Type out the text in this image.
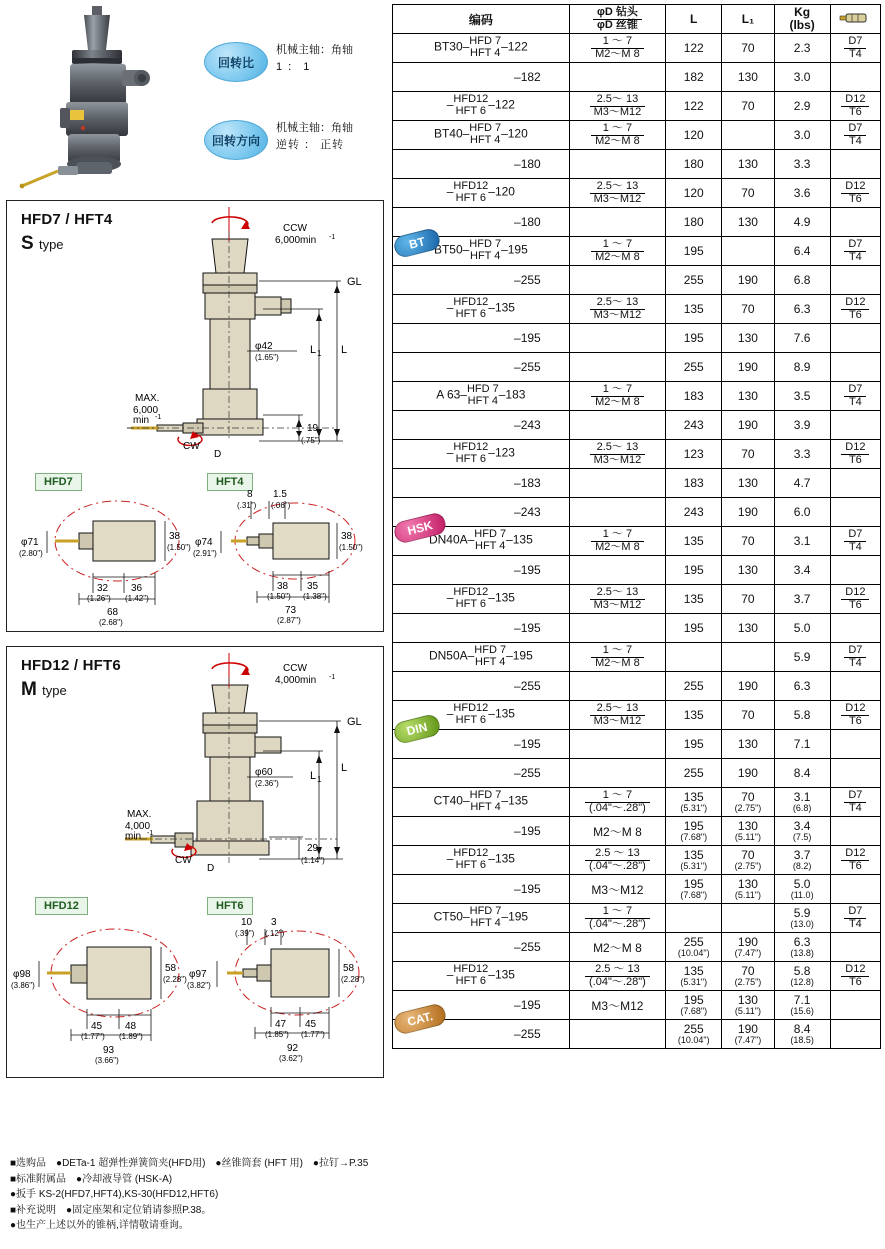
回转比
机械主轴：角轴
1 ： 1
回转方向
机械主轴：角轴
逆转 ： 正转
HFD7 / HFT4
S type
HFD7	HFT4
CCW
6,000min -1
GL
L 1 L
φ42
(1.65")
MAX.
6,000
min -1
CW
D
19
(.75")
38
(1.50")
32
(1.26")
36
(1.42")
68
(2.68")
φ71
(2.80")
8
(.31")
1.5
(.06")
38
(1.50")
38
(1.50")
35
(1.38")
73
(2.87")
φ74
(2.91")
HFD12 / HFT6
M type
HFD12	HFT6
CCW
4,000min -1
GL
L 1
L
φ60
(2.36")
MAX.
4,000
min -1
CW
D
29
(1.14")
58
(2.28")
45
(1.77")
48
(1.89")
93
(3.66")
φ98
(3.86")
10
(.39")
3
(.12")
58
(2.28")
47
(1.85")
45
(1.77")
92
(3.62")
φ97
(3.82")
■选购品　●DETa-1 超弹性弹簧筒夹(HFD用)　●丝锥筒套 (HFT 用)　●拉钉→P.35
■标准附属品　●冷却液导管 (HSK-A)
●扳手 KS-2(HFD7,HFT4),KS-30(HFD12,HFT6)
■补充说明　●固定座架和定位销请参照P.38。
●也生产上述以外的锥柄,详情敬请垂询。
编码	$\frac{\text{φD 钻头}}{\text{φD 丝锥}}$	L	L₁	Kg
(lbs)	
BT30– HFD 7
HFT 4 –122	$\frac{1 \sim 7}{M2\sim M 8}$	122	70	2.3	$\frac{D7}{T4}$

–182		182	130	3.0	
– HFD12
HFT 6 –122	$\frac{2.5\sim 13}{M3\sim M12}$	122	70	2.9	$\frac{D12}{T6}$

BT40– HFD 7
HFT 4 –120	$\frac{1 \sim 7}{M2\sim M 8}$	120		3.0	$\frac{D7}{T4}$

–180		180	130	3.3	
– HFD12
HFT 6 –120	$\frac{2.5\sim 13}{M3\sim M12}$	120	70	3.6	$\frac{D12}{T6}$

–180		180	130	4.9	
BT50– HFD 7
HFT 4 –195	$\frac{1 \sim 7}{M2\sim M 8}$	195		6.4	$\frac{D7}{T4}$

–255		255	190	6.8	
– HFD12
HFT 6 –135	$\frac{2.5\sim 13}{M3\sim M12}$	135	70	6.3	$\frac{D12}{T6}$

–195		195	130	7.6	
–255		255	190	8.9	
A 63– HFD 7
HFT 4 –183	$\frac{1 \sim 7}{M2\sim M 8}$	183	130	3.5	$\frac{D7}{T4}$

–243		243	190	3.9	
– HFD12
HFT 6 –123	$\frac{2.5\sim 13}{M3\sim M12}$	123	70	3.3	$\frac{D12}{T6}$

–183		183	130	4.7	
–243		243	190	6.0	
DN40A– HFD 7
HFT 4 –135	$\frac{1 \sim 7}{M2\sim M 8}$	135	70	3.1	$\frac{D7}{T4}$

–195		195	130	3.4	
– HFD12
HFT 6 –135	$\frac{2.5\sim 13}{M3\sim M12}$	135	70	3.7	$\frac{D12}{T6}$

–195		195	130	5.0	
DN50A– HFD 7
HFT 4 –195	$\frac{1 \sim 7}{M2\sim M 8}$			5.9	$\frac{D7}{T4}$

–255		255	190	6.3	
– HFD12
HFT 6 –135	$\frac{2.5\sim 13}{M3\sim M12}$	135	70	5.8	$\frac{D12}{T6}$

–195		195	130	7.1	
–255		255	190	8.4	
CT40– HFD 7
HFT 4 –135	$\frac{1 \sim 7}{(.04"\sim.28")}$	135
(5.31")	70
(2.75")	3.1
(6.8)	$\frac{D7}{T4}$

–195	M2～M 8	195
(7.68")	130
(5.11")	3.4
(7.5)	

– HFD12
HFT 6 –135	$\frac{2.5 \sim 13}{(.04"\sim.28")}$	135
(5.31")	70
(2.75")	3.7
(8.2)	$\frac{D12}{T6}$

–195	M3～M12	195
(7.68")	130
(5.11")	5.0
(11.0)	

CT50– HFD 7
HFT 4 –195	$\frac{1 \sim 7}{(.04"\sim.28")}$			5.9
(13.0)	$\frac{D7}{T4}$

–255	M2～M 8	255
(10.04")	190
(7.47")	6.3
(13.8)	

– HFD12
HFT 6 –135	$\frac{2.5 \sim 13}{(.04"\sim.28")}$	135
(5.31")	70
(2.75")	5.8
(12.8)	$\frac{D12}{T6}$

–195	M3～M12	195
(7.68")	130
(5.11")	7.1
(15.6)	

–255		255
(10.04")	190
(7.47")	8.4
(18.5)	

BT
HSK
DIN
CAT.
